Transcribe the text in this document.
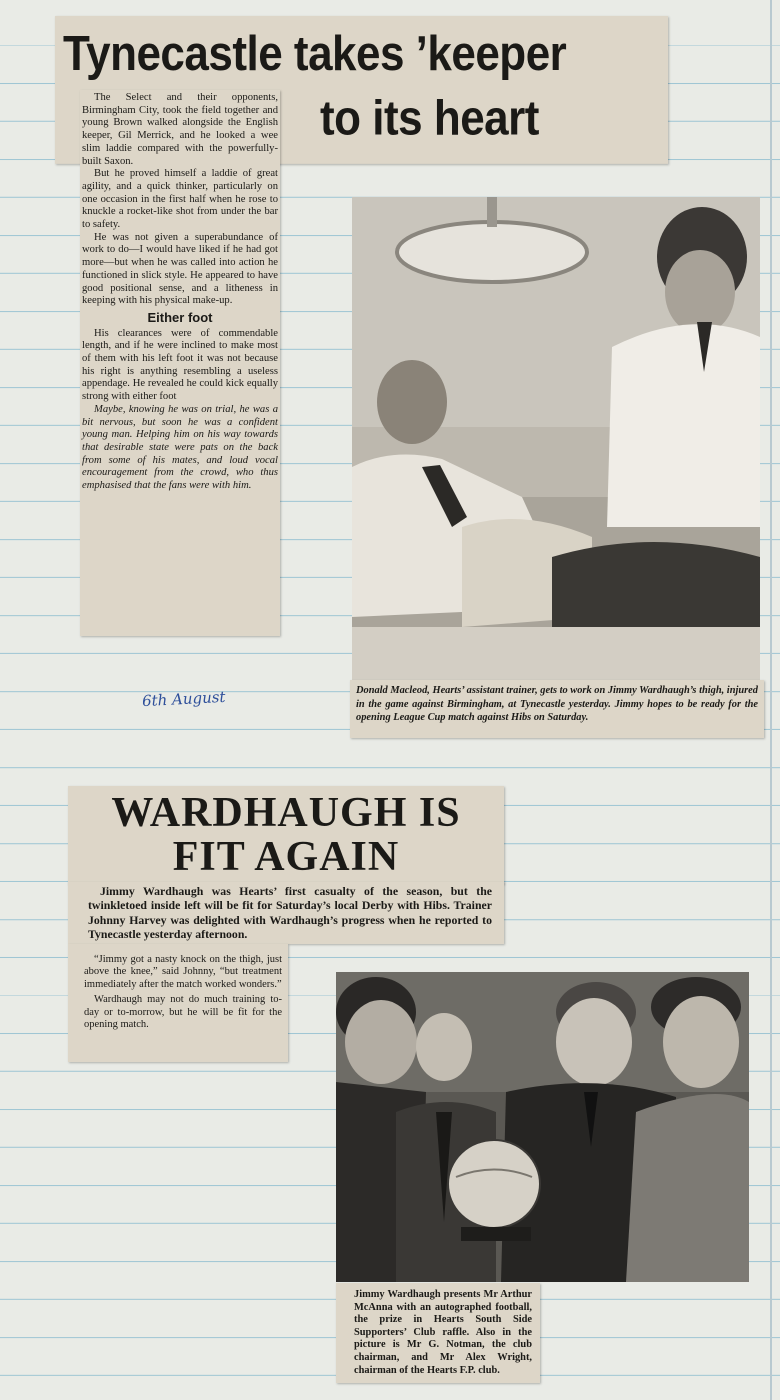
Tynecastle takes ’keeper
to its heart

The Select and their opponents, Birmingham City, took the field together and young Brown walked alongside the English keeper, Gil Merrick, and he looked a wee slim laddie compared with the powerfully-built Saxon.

But he proved himself a laddie of great agility, and a quick thinker, particularly on one occasion in the first half when he rose to knuckle a rocket-like shot from under the bar to safety.

He was not given a superabundance of work to do—I would have liked if he had got more—but when he was called into action he functioned in slick style. He appeared to have good positional sense, and a litheness in keeping with his physical make-up.

Either foot

His clearances were of commendable length, and if he were inclined to make most of them with his left foot it was not because his right is anything resembling a useless appendage. He revealed he could kick equally strong with either foot

Maybe, knowing he was on trial, he was a bit nervous, but soon he was a confident young man. Helping him on his way towards that desirable state were pats on the back from some of his mates, and loud vocal encouragement from the crowd, who thus emphasised that the fans were with him.

Donald Macleod, Hearts’ assistant trainer, gets to work on Jimmy Wardhaugh’s thigh, injured in the game against Birmingham, at Tynecastle yesterday. Jimmy hopes to be ready for the opening League Cup match against Hibs on Saturday.
6th August
WARDHAUGH IS
FIT AGAIN
Jimmy Wardhaugh was Hearts’ first casualty of the season, but the twinkletoed inside left will be fit for Saturday’s local Derby with Hibs. Trainer Johnny Harvey was delighted with Wardhaugh’s progress when he reported to Tynecastle yesterday afternoon.

“Jimmy got a nasty knock on the thigh, just above the knee,” said Johnny, “but treatment immediately after the match worked wonders.”

Wardhaugh may not do much training to-day or to-morrow, but he will be fit for the opening match.

Jimmy Wardhaugh presents Mr Arthur McAnna with an autographed football, the prize in Hearts South Side Supporters’ Club raffle. Also in the picture is Mr G. Notman, the club chairman, and Mr Alex Wright, chairman of the Hearts F.P. club.
